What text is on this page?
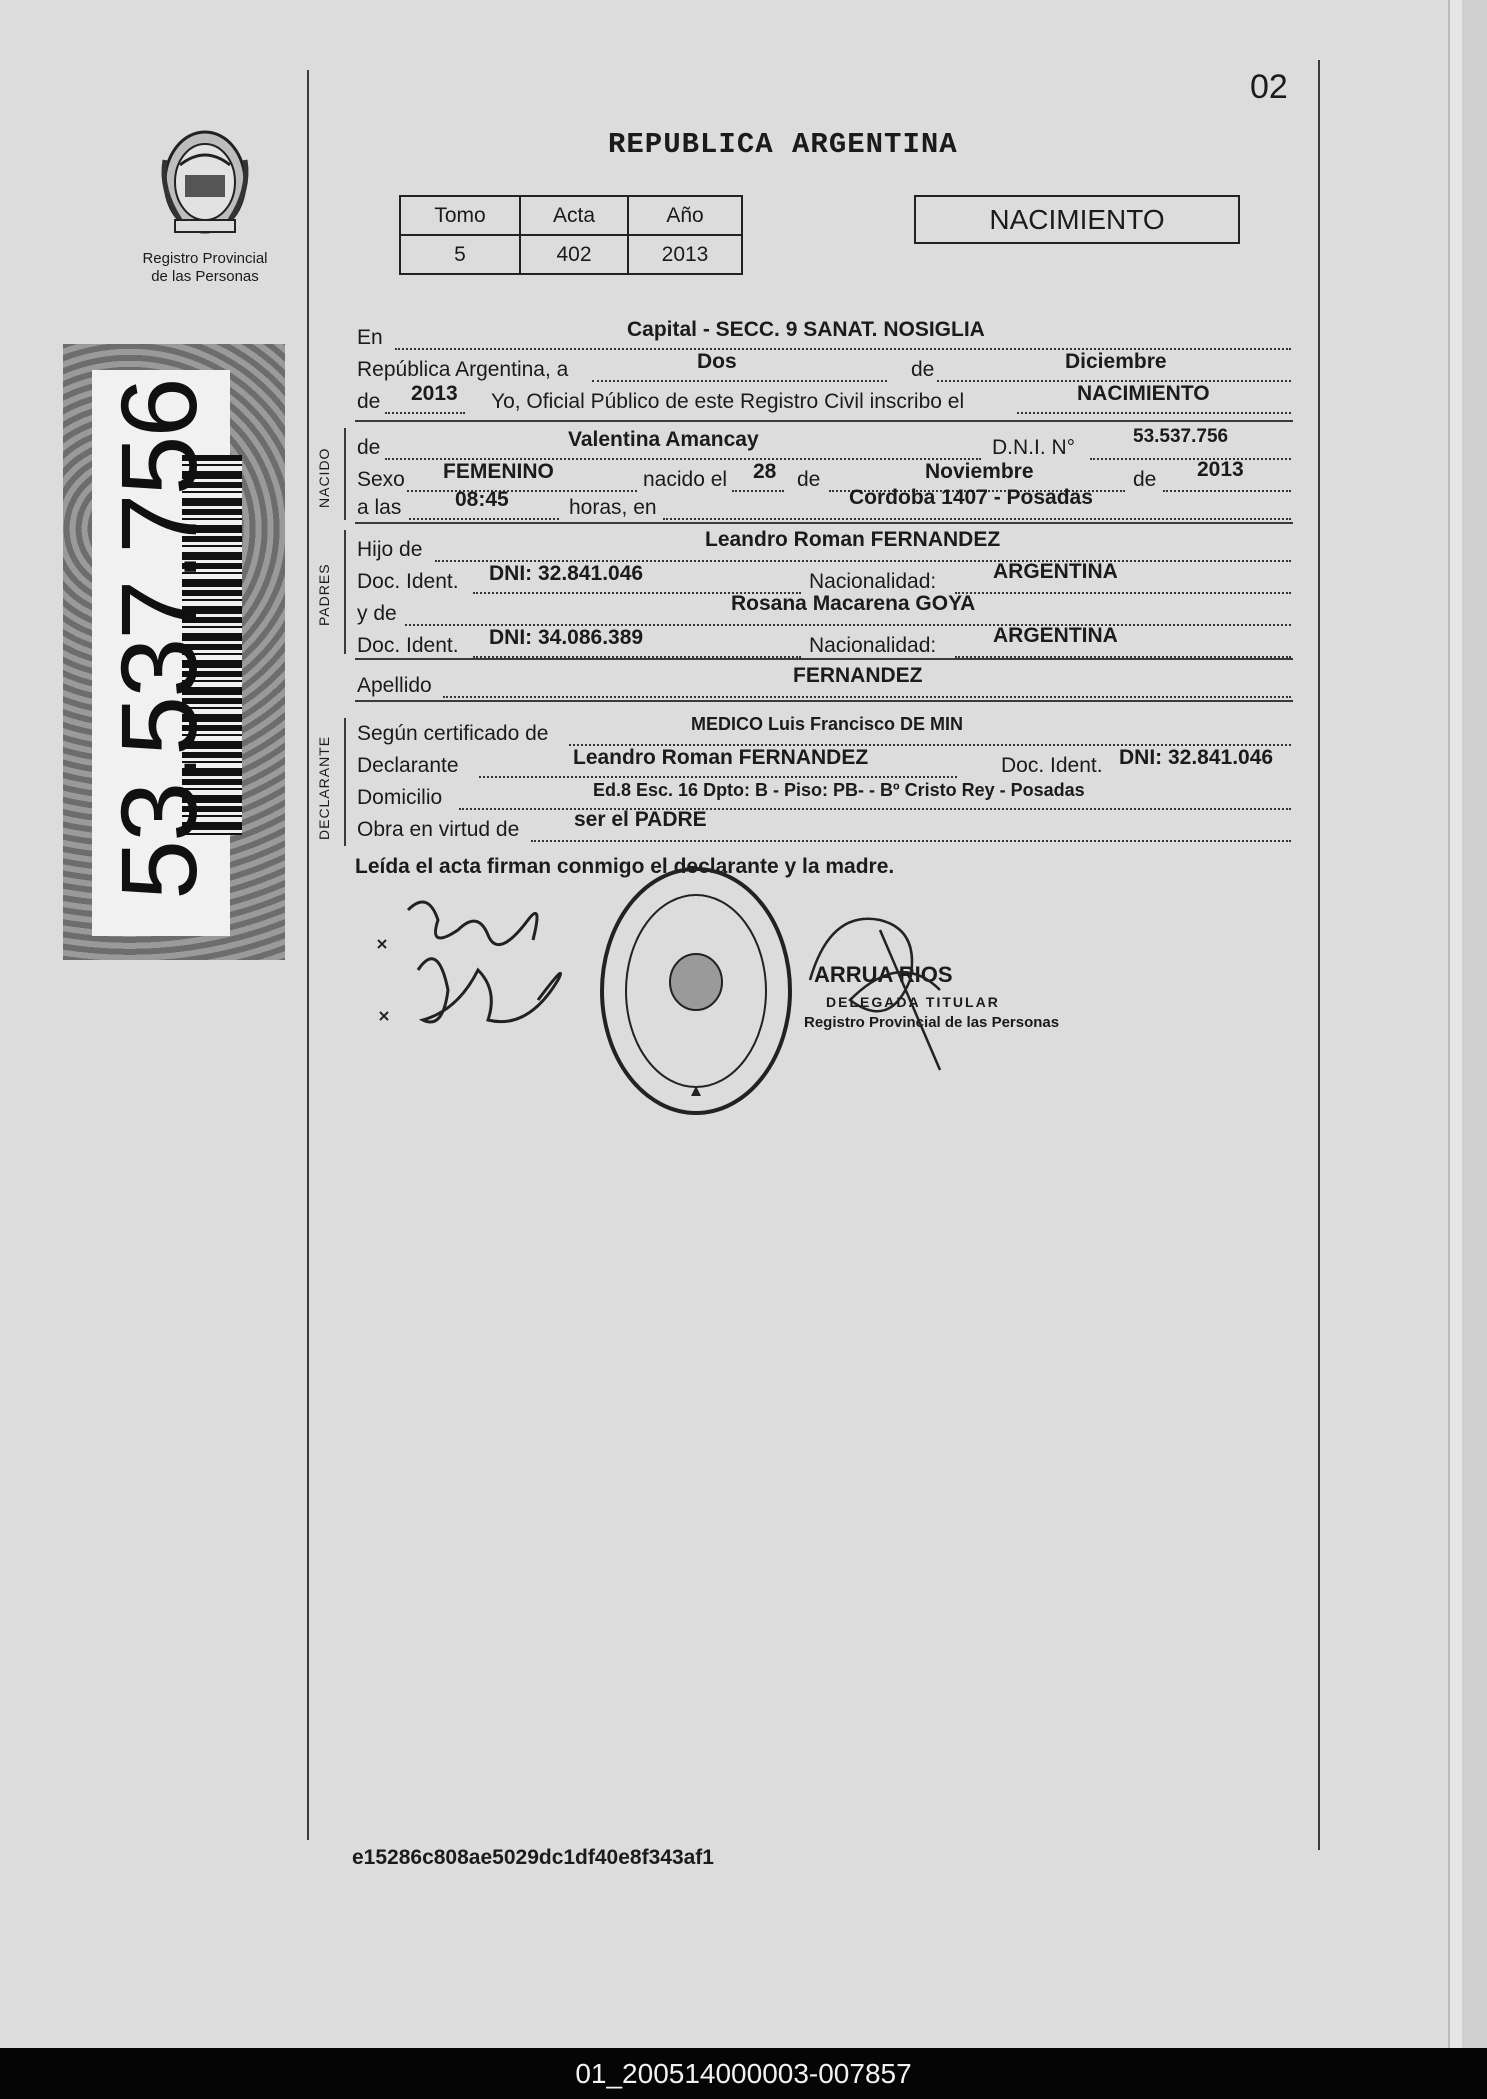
02
Registro Provincial
de las Personas
53.537.756
REPUBLICA ARGENTINA
Tomo	Acta	Año
5	402	2013
NACIMIENTO
En	Capital - SECC. 9 SANAT. NOSIGLIA
República Argentina, a	Dos	de	Diciembre
de 2013 Yo, Oficial Público de este Registro Civil inscribo el	NACIMIENTO
NACIDO
de	Valentina Amancay	D.N.I. N°	53.537.756
Sexo FEMENINO	nacido el 28 de	Noviembre	de 2013
a las	08:45	horas, en	Cordoba 1407 - Posadas
PADRES
Hijo de	Leandro Roman FERNANDEZ
Doc. Ident. DNI: 32.841.046	Nacionalidad:	ARGENTINA
y de	Rosana Macarena GOYA
Doc. Ident. DNI: 34.086.389	Nacionalidad:	ARGENTINA
Apellido	FERNANDEZ
DECLARANTE
Según certificado de	MEDICO Luis Francisco DE MIN
Declarante	Leandro Roman FERNANDEZ	Doc. Ident. DNI: 32.841.046
Domicilio	Ed.8 Esc. 16 Dpto: B - Piso: PB- - Bº Cristo Rey - Posadas
Obra en virtud de	ser el PADRE
Leída el acta firman conmigo el declarante y la madre.
ARRUA RIOS
DELEGADA TITULAR
Registro Provincial de las Personas
e15286c808ae5029dc1df40e8f343af1
01_200514000003-007857
